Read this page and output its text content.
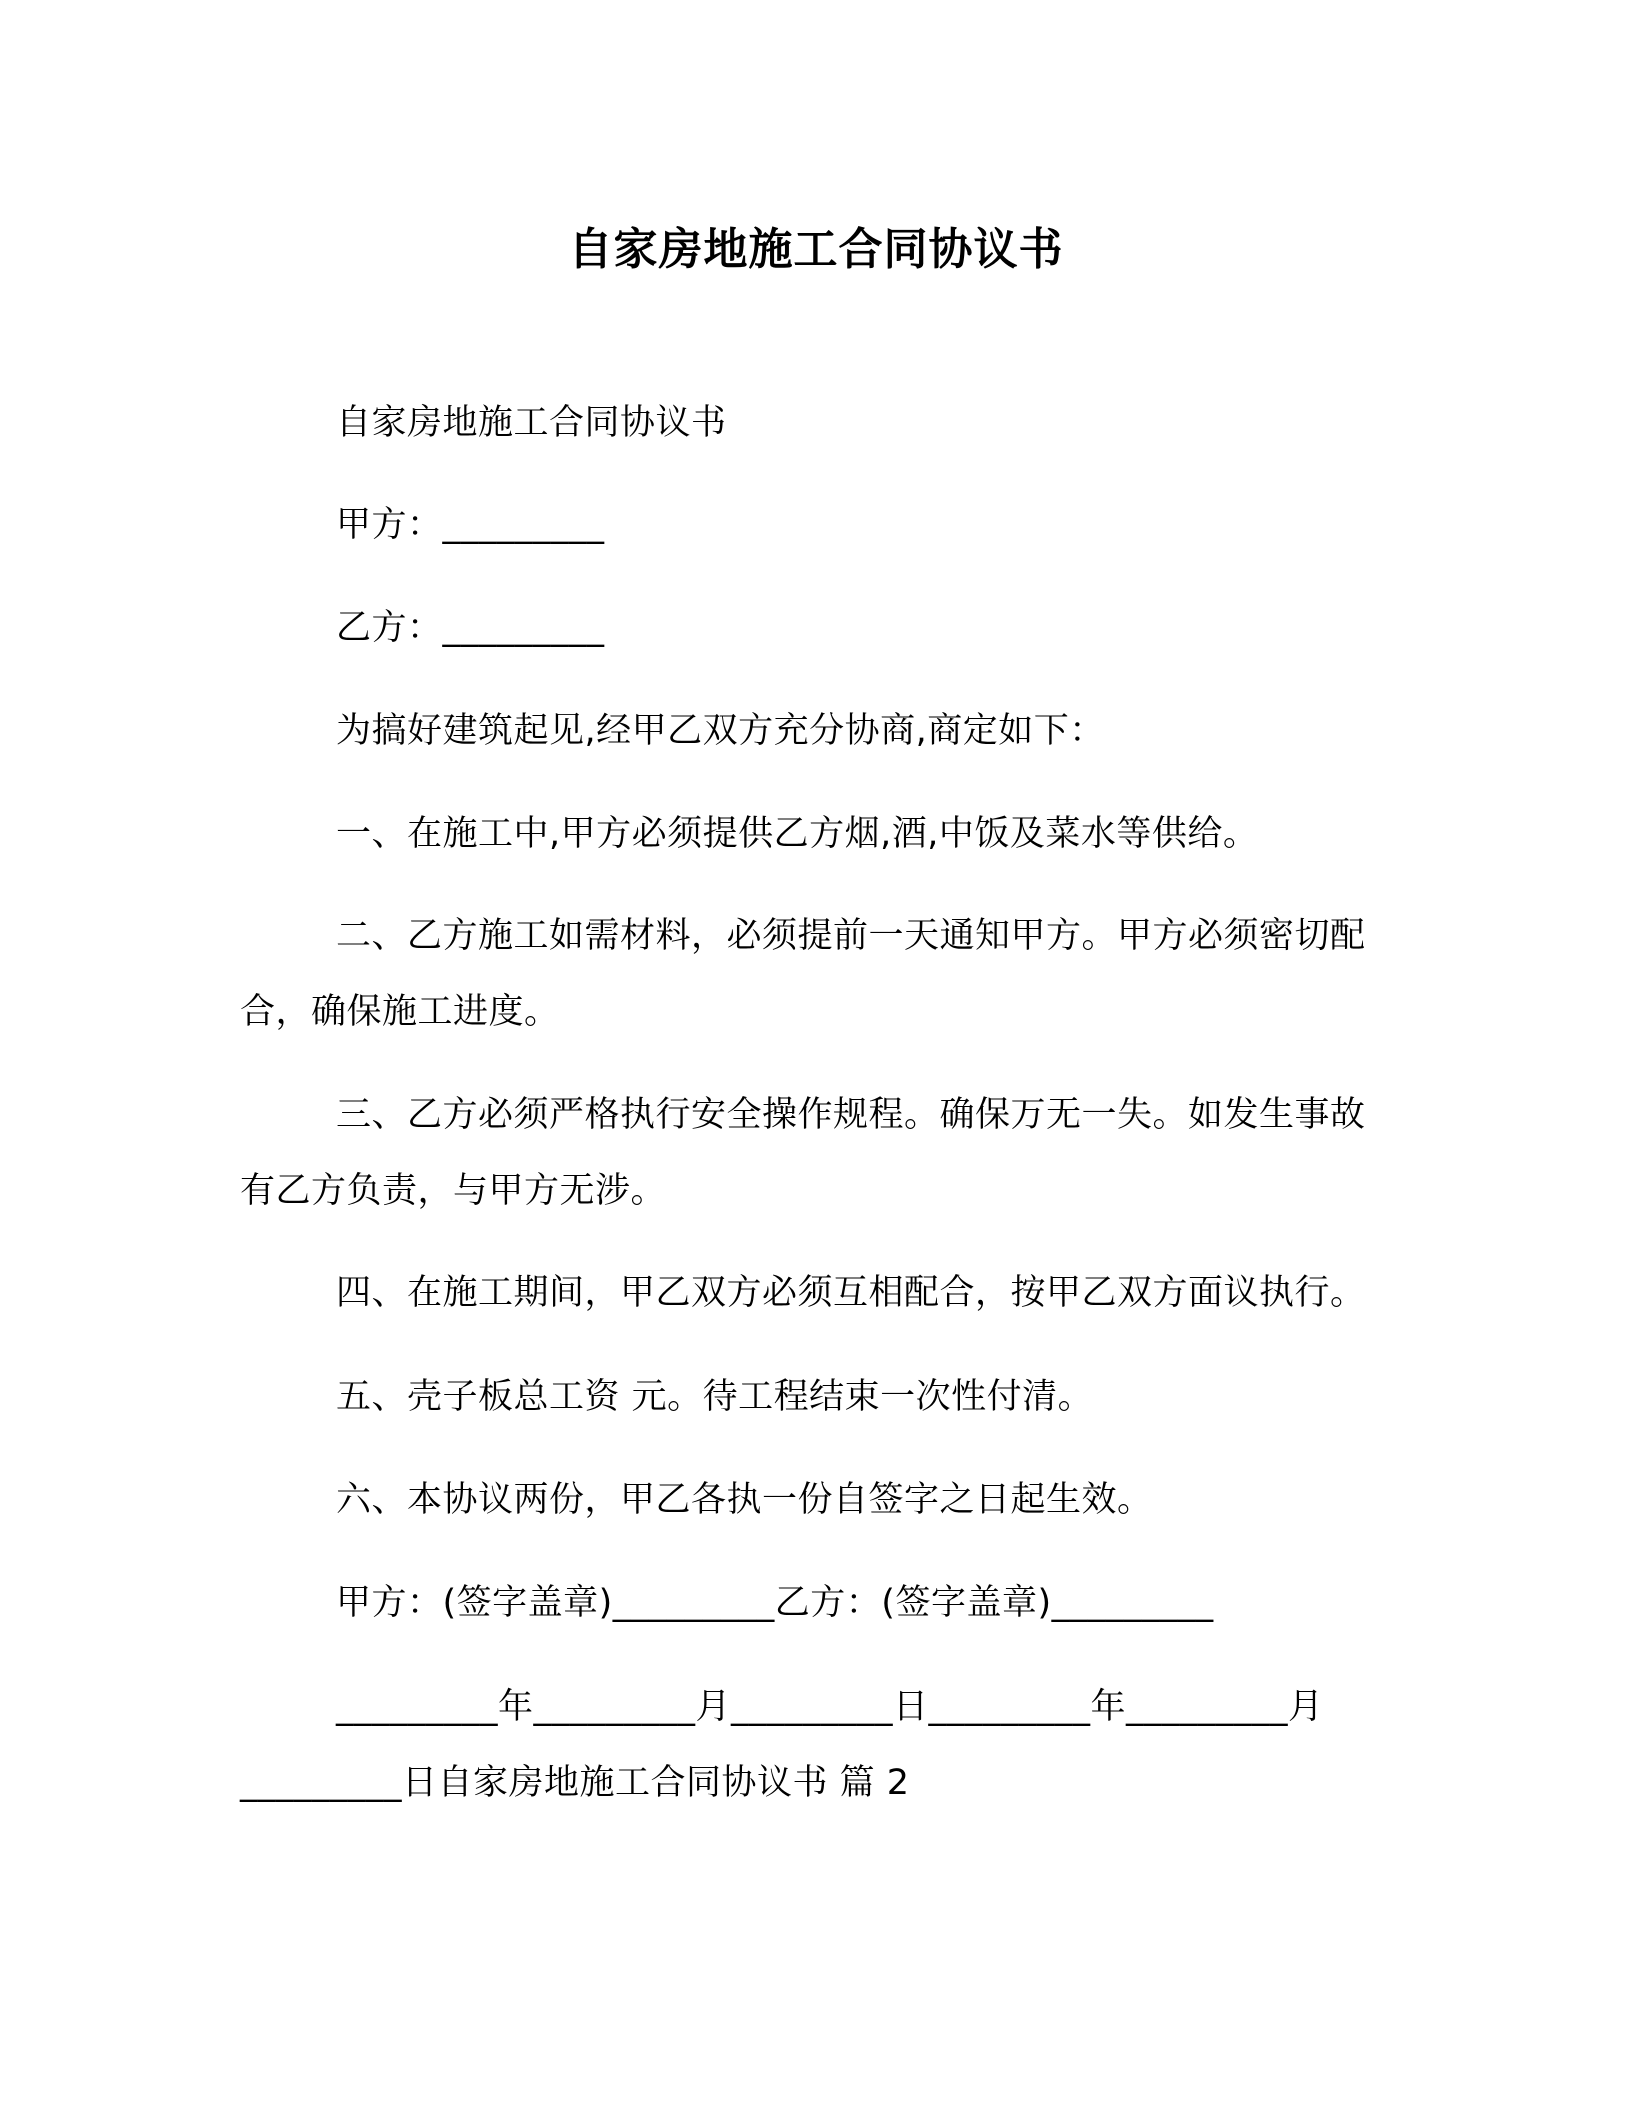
自家房地施工合同协议书
自家房地施工合同协议书
甲方：_________
乙方：_________
为搞好建筑起见,经甲乙双方充分协商,商定如下：
一、在施工中,甲方必须提供乙方烟,酒,中饭及菜水等供给。
二、乙方施工如需材料，必须提前一天通知甲方。甲方必须密切配合，确保施工进度。
三、乙方必须严格执行安全操作规程。确保万无一失。如发生事故有乙方负责，与甲方无涉。
四、在施工期间，甲乙双方必须互相配合，按甲乙双方面议执行。
五、壳子板总工资 元。待工程结束一次性付清。
六、本协议两份，甲乙各执一份自签字之日起生效。
甲方：(签字盖章)_________乙方：(签字盖章)_________
_________年_________月_________日_________年_________月_________日自家房地施工合同协议书 篇 2
